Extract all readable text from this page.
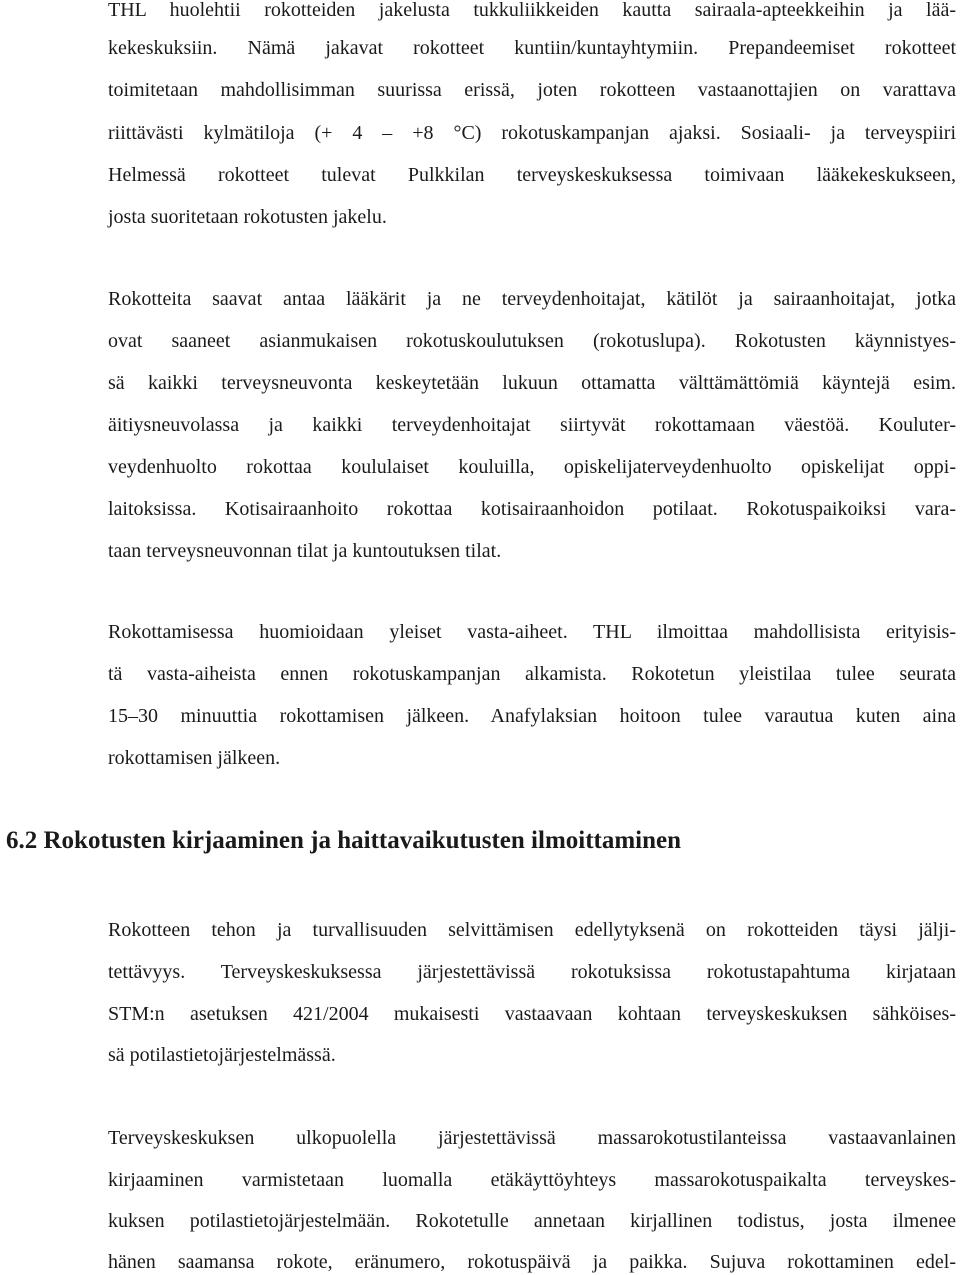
THL huolehtii rokotteiden jakelusta tukkuliikkeiden kautta sairaala-apteekkeihin ja lää-
kekeskuksiin. Nämä jakavat rokotteet kuntiin/kuntayhtymiin. Prepandeemiset rokotteet
toimitetaan mahdollisimman suurissa erissä, joten rokotteen vastaanottajien on varattava
riittävästi kylmätiloja (+ 4 – +8 °C) rokotuskampanjan ajaksi. Sosiaali- ja terveyspiiri
Helmessä rokotteet tulevat Pulkkilan terveyskeskuksessa toimivaan lääkekeskukseen,
josta suoritetaan rokotusten jakelu.
Rokotteita saavat antaa lääkärit ja ne terveydenhoitajat, kätilöt ja sairaanhoitajat, jotka
ovat saaneet asianmukaisen rokotuskoulutuksen (rokotuslupa). Rokotusten käynnistyes-
sä kaikki terveysneuvonta keskeytetään lukuun ottamatta välttämättömiä käyntejä esim.
äitiysneuvolassa ja kaikki terveydenhoitajat siirtyvät rokottamaan väestöä. Kouluter-
veydenhuolto rokottaa koululaiset kouluilla, opiskelijaterveydenhuolto opiskelijat oppi-
laitoksissa. Kotisairaanhoito rokottaa kotisairaanhoidon potilaat. Rokotuspaikoiksi vara-
taan terveysneuvonnan tilat ja kuntoutuksen tilat.
Rokottamisessa huomioidaan yleiset vasta-aiheet. THL ilmoittaa mahdollisista erityisis-
tä vasta-aiheista ennen rokotuskampanjan alkamista. Rokotetun yleistilaa tulee seurata
15–30 minuuttia rokottamisen jälkeen. Anafylaksian hoitoon tulee varautua kuten aina
rokottamisen jälkeen.
6.2 Rokotusten kirjaaminen ja haittavaikutusten ilmoittaminen
Rokotteen tehon ja turvallisuuden selvittämisen edellytyksenä on rokotteiden täysi jälji-
tettävyys. Terveyskeskuksessa järjestettävissä rokotuksissa rokotustapahtuma kirjataan
STM:n asetuksen 421/2004 mukaisesti vastaavaan kohtaan terveyskeskuksen sähköises-
sä potilastietojärjestelmässä.
Terveyskeskuksen ulkopuolella järjestettävissä massarokotustilanteissa vastaavanlainen
kirjaaminen varmistetaan luomalla etäkäyttöyhteys massarokotuspaikalta terveyskes-
kuksen potilastietojärjestelmään. Rokotetulle annetaan kirjallinen todistus, josta ilmenee
hänen saamansa rokote, eränumero, rokotuspäivä ja paikka. Sujuva rokottaminen edel-
